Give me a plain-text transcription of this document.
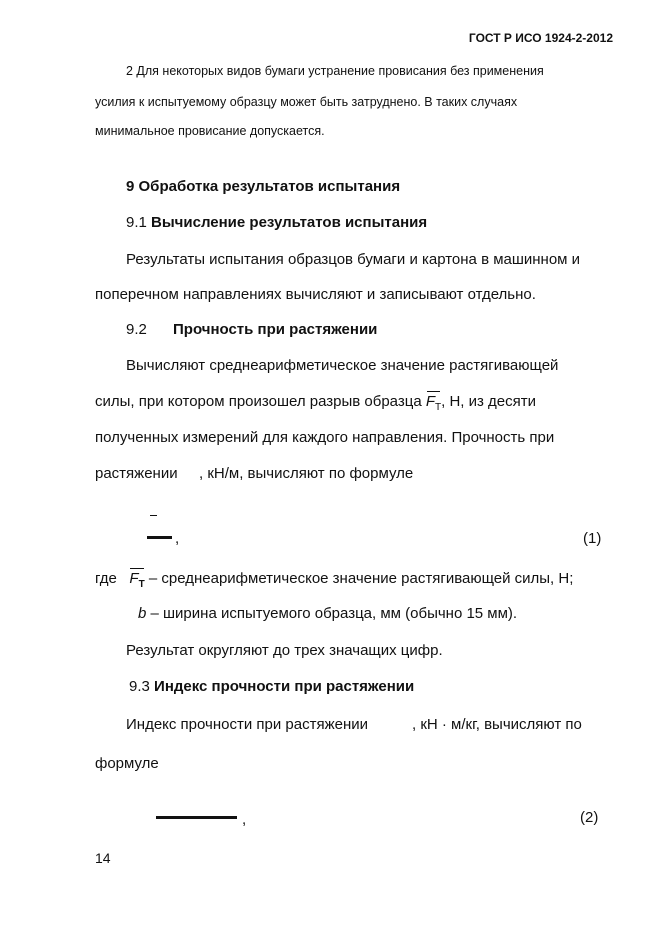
ГОСТ Р ИСО 1924-2-2012
2 Для некоторых видов бумаги устранение провисания без применения
усилия к испытуемому образцу может быть затруднено. В таких случаях
минимальное провисание допускается.
9 Обработка результатов испытания
9.1 Вычисление результатов испытания
Результаты испытания образцов бумаги и картона в машинном и
поперечном направлениях вычисляют и записывают отдельно.
9.2 Прочность при растяжении
Вычисляют среднеарифметическое значение растягивающей
силы, при котором произошел разрыв образца $F_T$, Н, из десяти
полученных измерений для каждого направления. Прочность при
растяжении , кН/м, вычисляют по формуле
,	(1)
где $F_T$ – среднеарифметическое значение растягивающей силы, Н;
b – ширина испытуемого образца, мм (обычно 15 мм).
Результат округляют до трех значащих цифр.
9.3 Индекс прочности при растяжении
Индекс прочности при растяжении	, кН · м/кг, вычисляют по
формуле
,	(2)
14
